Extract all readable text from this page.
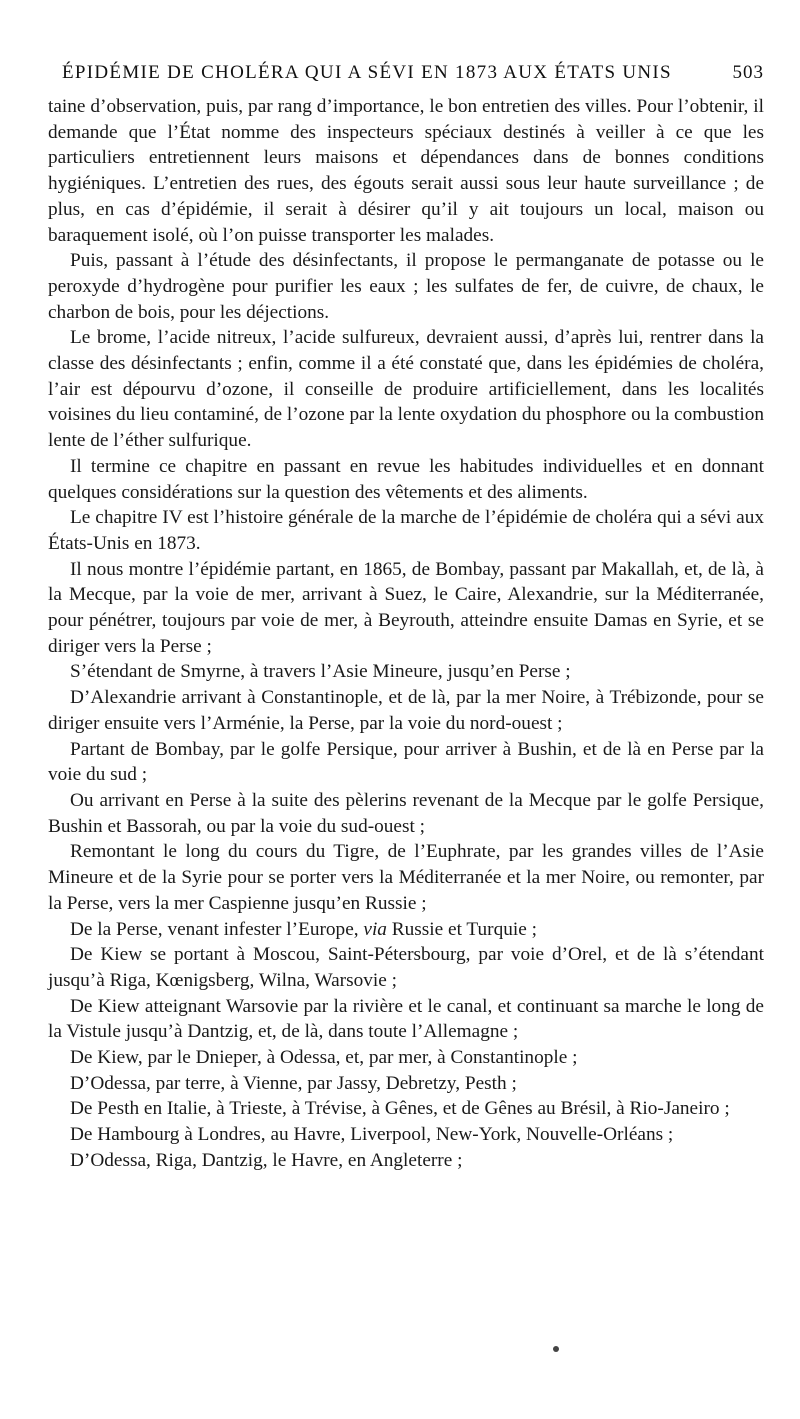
ÉPIDÉMIE DE CHOLÉRA QUI A SÉVI EN 1873 AUX ÉTATS UNIS	503

taine d’observation, puis, par rang d’importance, le bon entretien des villes. Pour l’obtenir, il demande que l’État nomme des inspecteurs spéciaux destinés à veiller à ce que les particuliers entretiennent leurs maisons et dépendances dans de bonnes conditions hygiéniques. L’entretien des rues, des égouts serait aussi sous leur haute surveillance ; de plus, en cas d’épidémie, il serait à désirer qu’il y ait toujours un local, maison ou baraquement isolé, où l’on puisse transporter les malades.

Puis, passant à l’étude des désinfectants, il propose le permanganate de potasse ou le peroxyde d’hydrogène pour purifier les eaux ; les sulfates de fer, de cuivre, de chaux, le charbon de bois, pour les déjections.

Le brome, l’acide nitreux, l’acide sulfureux, devraient aussi, d’après lui, rentrer dans la classe des désinfectants ; enfin, comme il a été constaté que, dans les épidémies de choléra, l’air est dépourvu d’ozone, il conseille de produire artificiellement, dans les localités voisines du lieu contaminé, de l’ozone par la lente oxydation du phosphore ou la combustion lente de l’éther sulfurique.

Il termine ce chapitre en passant en revue les habitudes individuelles et en donnant quelques considérations sur la question des vêtements et des aliments.

Le chapitre IV est l’histoire générale de la marche de l’épidémie de choléra qui a sévi aux États-Unis en 1873.

Il nous montre l’épidémie partant, en 1865, de Bombay, passant par Makallah, et, de là, à la Mecque, par la voie de mer, arrivant à Suez, le Caire, Alexandrie, sur la Méditerranée, pour pénétrer, toujours par voie de mer, à Beyrouth, atteindre ensuite Damas en Syrie, et se diriger vers la Perse ;

S’étendant de Smyrne, à travers l’Asie Mineure, jusqu’en Perse ;

D’Alexandrie arrivant à Constantinople, et de là, par la mer Noire, à Trébizonde, pour se diriger ensuite vers l’Arménie, la Perse, par la voie du nord-ouest ;

Partant de Bombay, par le golfe Persique, pour arriver à Bushin, et de là en Perse par la voie du sud ;

Ou arrivant en Perse à la suite des pèlerins revenant de la Mecque par le golfe Persique, Bushin et Bassorah, ou par la voie du sud-ouest ;

Remontant le long du cours du Tigre, de l’Euphrate, par les grandes villes de l’Asie Mineure et de la Syrie pour se porter vers la Méditerranée et la mer Noire, ou remonter, par la Perse, vers la mer Caspienne jusqu’en Russie ;

De la Perse, venant infester l’Europe, via Russie et Turquie ;

De Kiew se portant à Moscou, Saint-Pétersbourg, par voie d’Orel, et de là s’étendant jusqu’à Riga, Kœnigsberg, Wilna, Warsovie ;

De Kiew atteignant Warsovie par la rivière et le canal, et continuant sa marche le long de la Vistule jusqu’à Dantzig, et, de là, dans toute l’Allemagne ;

De Kiew, par le Dnieper, à Odessa, et, par mer, à Constantinople ;

D’Odessa, par terre, à Vienne, par Jassy, Debretzy, Pesth ;

De Pesth en Italie, à Trieste, à Trévise, à Gênes, et de Gênes au Brésil, à Rio-Janeiro ;

De Hambourg à Londres, au Havre, Liverpool, New-York, Nouvelle-Orléans ;

D’Odessa, Riga, Dantzig, le Havre, en Angleterre ;
